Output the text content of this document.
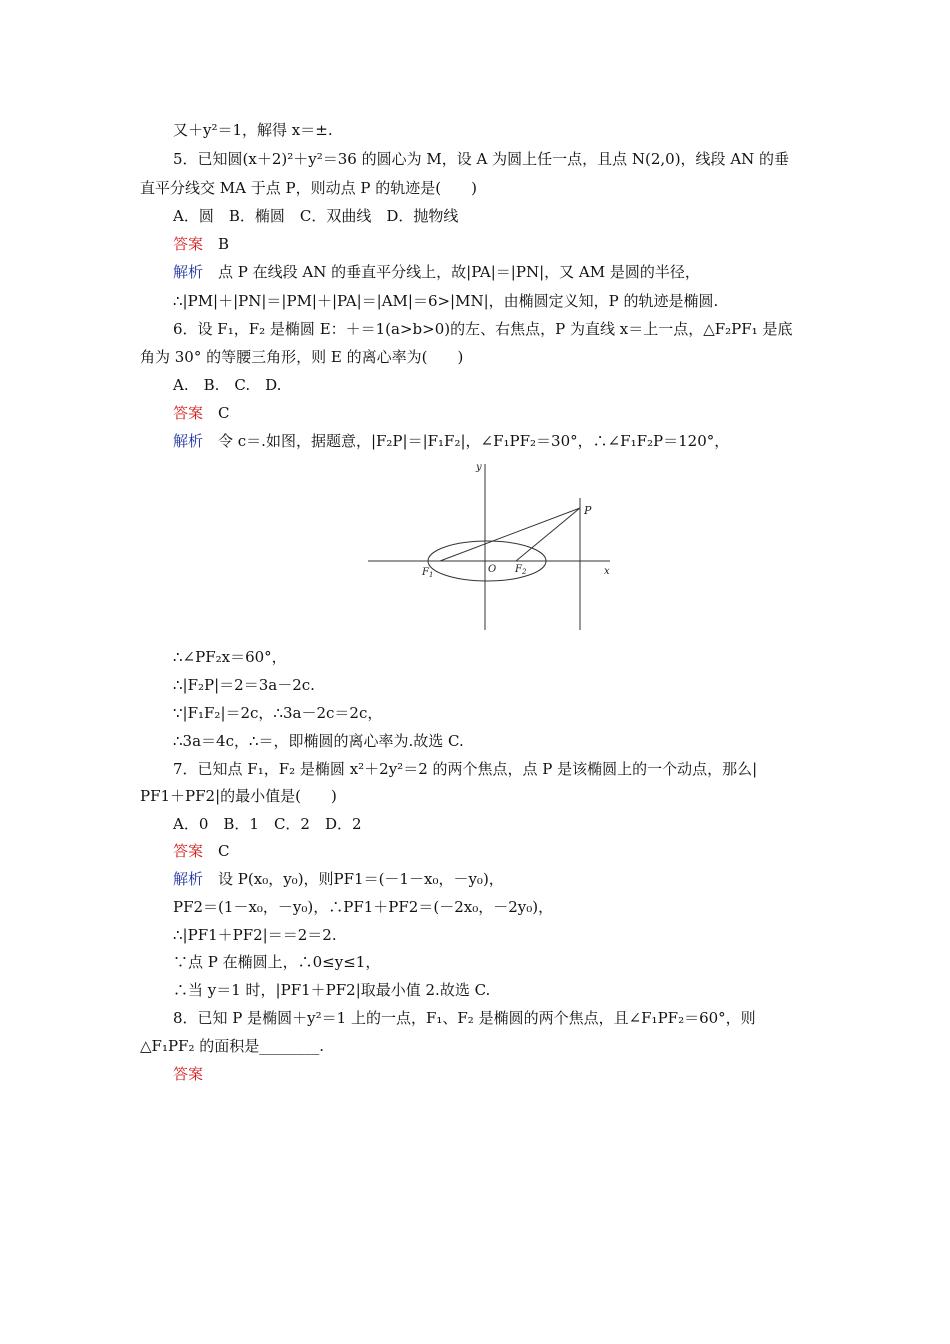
又＋y²＝1，解得 x＝±.
5．已知圆(x＋2)²＋y²＝36 的圆心为 M，设 A 为圆上任一点，且点 N(2,0)，线段 AN 的垂
直平分线交 MA 于点 P，则动点 P 的轨迹是(　　)
A．圆　B．椭圆　C．双曲线　D．抛物线
答案　B
解析　点 P 在线段 AN 的垂直平分线上，故|PA|＝|PN|，又 AM 是圆的半径，
∴|PM|＋|PN|＝|PM|＋|PA|＝|AM|＝6>|MN|，由椭圆定义知，P 的轨迹是椭圆.
6．设 F₁，F₂ 是椭圆 E：＋＝1(a>b>0)的左、右焦点，P 为直线 x＝上一点，△F₂PF₁ 是底
角为 30° 的等腰三角形，则 E 的离心率为(　　)
A.　B.　C.　D.
答案　C
解析　令 c＝.如图，据题意，|F₂P|＝|F₁F₂|，∠F₁PF₂＝30°，∴∠F₁F₂P＝120°，
y
x
P
F 1	O F 2
∴∠PF₂x＝60°，
∴|F₂P|＝2＝3a－2c.
∵|F₁F₂|＝2c，∴3a－2c＝2c，
∴3a＝4c，∴＝，即椭圆的离心率为.故选 C.
7．已知点 F₁，F₂ 是椭圆 x²＋2y²＝2 的两个焦点，点 P 是该椭圆上的一个动点，那么|
PF1＋PF2|的最小值是(　　)
A．0　B．1　C．2　D．2
答案　C
解析　设 P(x₀，y₀)，则PF1＝(－1－x₀，－y₀)，
PF2＝(1－x₀，－y₀)，∴PF1＋PF2＝(－2x₀，－2y₀)，
∴|PF1＋PF2|＝＝2＝2.
∵点 P 在椭圆上，∴0≤y≤1，
∴当 y＝1 时，|PF1＋PF2|取最小值 2.故选 C.
8．已知 P 是椭圆＋y²＝1 上的一点，F₁、F₂ 是椭圆的两个焦点，且∠F₁PF₂＝60°，则
△F₁PF₂ 的面积是________.
答案
